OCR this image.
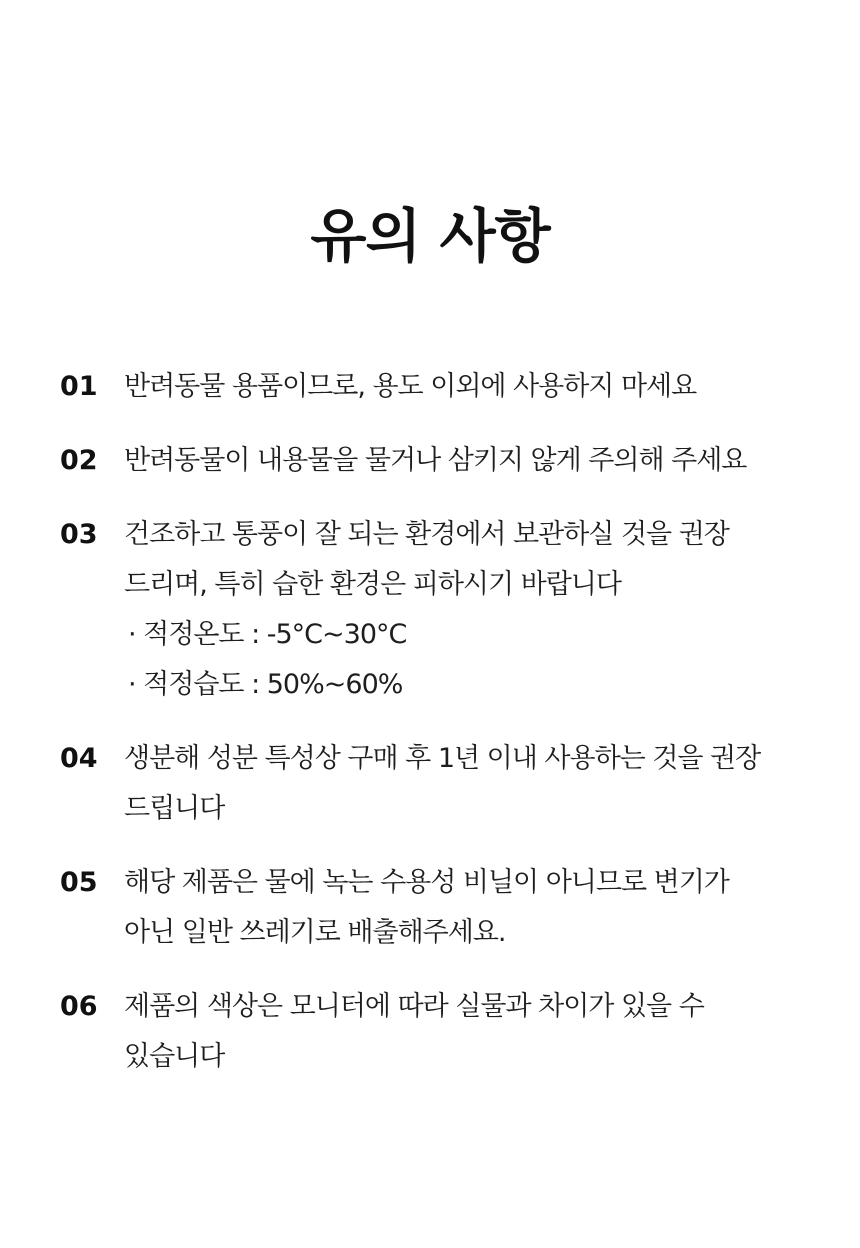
유의 사항
01 반려동물 용품이므로, 용도 이외에 사용하지 마세요
02 반려동물이 내용물을 물거나 삼키지 않게 주의해 주세요
03 건조하고 통풍이 잘 되는 환경에서 보관하실 것을 권장
드리며, 특히 습한 환경은 피하시기 바랍니다
· 적정온도 : -5°C~30°C
· 적정습도 : 50%~60%
04 생분해 성분 특성상 구매 후 1년 이내 사용하는 것을 권장
드립니다
05 해당 제품은 물에 녹는 수용성 비닐이 아니므로 변기가
아닌 일반 쓰레기로 배출해주세요.
06 제품의 색상은 모니터에 따라 실물과 차이가 있을 수
있습니다
